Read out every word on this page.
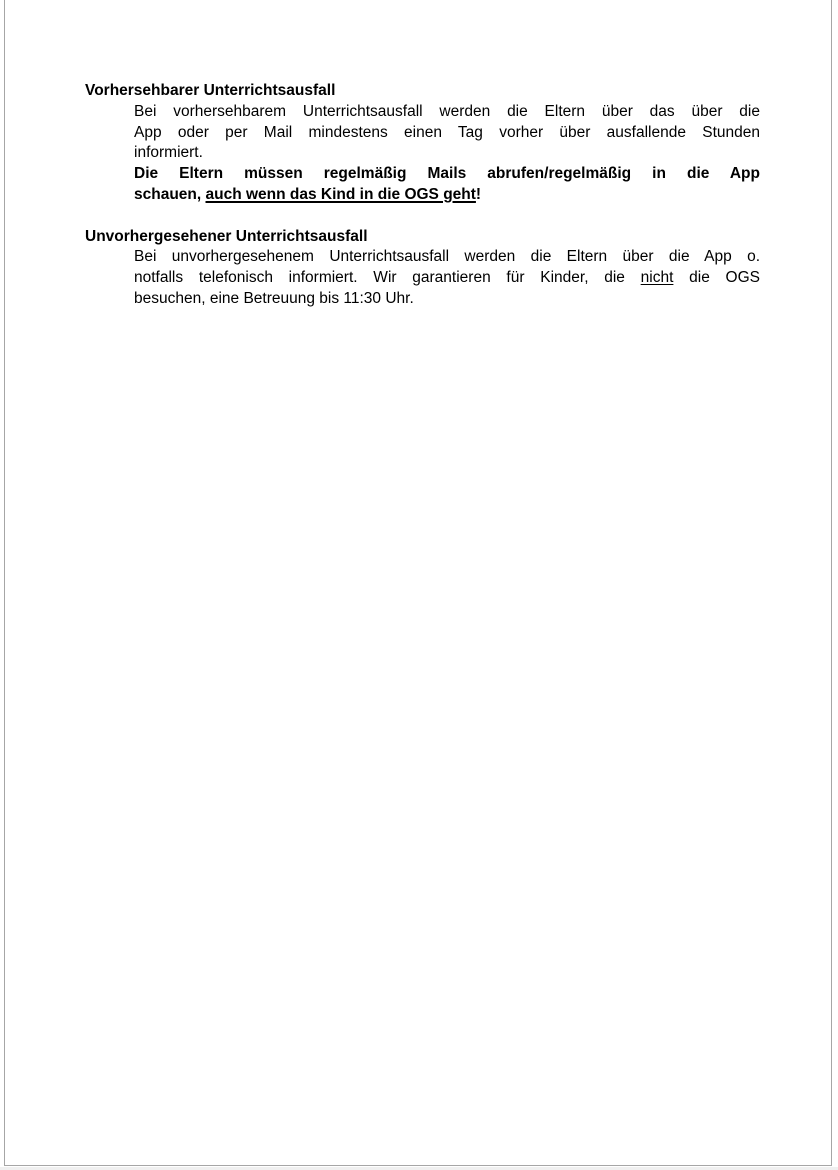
Vorhersehbarer Unterrichtsausfall
Bei vorhersehbarem Unterrichtsausfall werden die Eltern über das über die
App oder per Mail mindestens einen Tag vorher über ausfallende Stunden
informiert.
Die Eltern müssen regelmäßig Mails abrufen/regelmäßig in die App
schauen, auch wenn das Kind in die OGS geht!
Unvorhergesehener Unterrichtsausfall
Bei unvorhergesehenem Unterrichtsausfall werden die Eltern über die App o.
notfalls telefonisch informiert. Wir garantieren für Kinder, die nicht die OGS
besuchen, eine Betreuung bis 11:30 Uhr.
